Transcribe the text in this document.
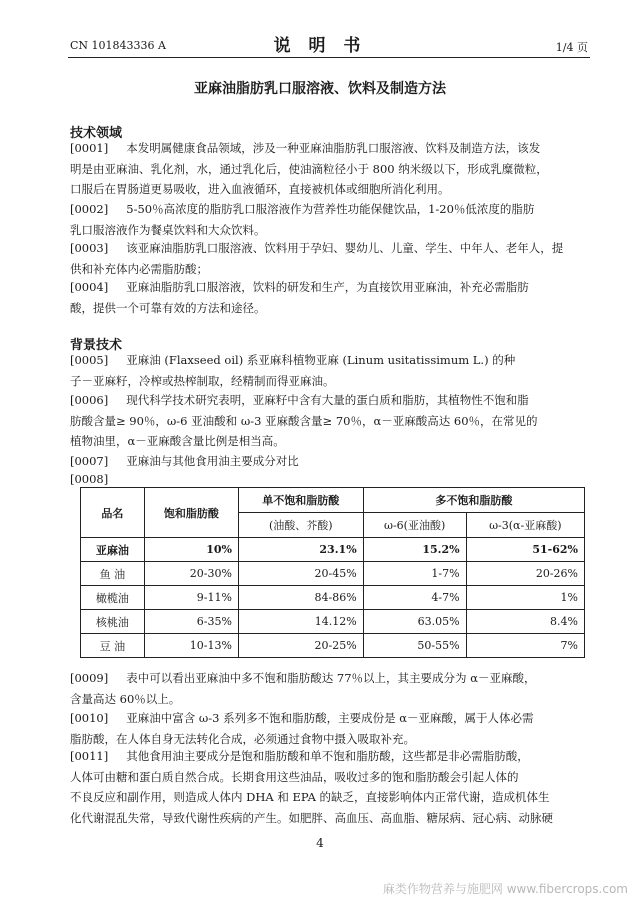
CN 101843336 A	说 明 书	1/4 页
亚麻油脂肪乳口服溶液、饮料及制造方法
技术领域
[0001] 本发明属健康食品领域，涉及一种亚麻油脂肪乳口服溶液、饮料及制造方法，该发
明是由亚麻油、乳化剂，水，通过乳化后，使油滴粒径小于 800 纳米级以下，形成乳糜微粒，
口服后在胃肠道更易吸收，进入血液循环，直接被机体或细胞所消化利用。
[0002] 5-50％高浓度的脂肪乳口服溶液作为营养性功能保健饮品，1-20％低浓度的脂肪
乳口服溶液作为餐桌饮料和大众饮料。
[0003] 该亚麻油脂肪乳口服溶液、饮料用于孕妇、婴幼儿、儿童、学生、中年人、老年人，提
供和补充体内必需脂肪酸；
[0004] 亚麻油脂肪乳口服溶液，饮料的研发和生产，为直接饮用亚麻油，补充必需脂肪
酸，提供一个可靠有效的方法和途径。
背景技术
[0005] 亚麻油 (Flaxseed oil) 系亚麻科植物亚麻 (Linum usitatissimum L.) 的种
子－亚麻籽，冷榨或热榨制取，经精制而得亚麻油。
[0006] 现代科学技术研究表明，亚麻籽中含有大量的蛋白质和脂肪，其植物性不饱和脂
肪酸含量≥ 90％，ω-6 亚油酸和 ω-3 亚麻酸含量≥ 70％，α－亚麻酸高达 60％，在常见的
植物油里，α－亚麻酸含量比例是相当高。
[0007] 亚麻油与其他食用油主要成分对比
[0008]
品名	饱和脂肪酸	单不饱和脂肪酸	多不饱和脂肪酸	
		(油酸、芥酸)	ω-6(亚油酸)	ω-3(α-亚麻酸)
亚麻油	10%	23.1%	15.2%	51-62%
鱼 油	20-30%	20-45%	1-7%	20-26%
橄榄油	9-11%	84-86%	4-7%	1%
核桃油	6-35%	14.12%	63.05%	8.4%
豆 油	10-13%	20-25%	50-55%	7%
[0009] 表中可以看出亚麻油中多不饱和脂肪酸达 77％以上，其主要成分为 α－亚麻酸，
含量高达 60％以上。
[0010] 亚麻油中富含 ω-3 系列多不饱和脂肪酸，主要成份是 α－亚麻酸，属于人体必需
脂肪酸，在人体自身无法转化合成，必须通过食物中摄入吸取补充。
[0011] 其他食用油主要成分是饱和脂肪酸和单不饱和脂肪酸，这些都是非必需脂肪酸，
人体可由糖和蛋白质自然合成。长期食用这些油品，吸收过多的饱和脂肪酸会引起人体的
不良反应和副作用，则造成人体内 DHA 和 EPA 的缺乏，直接影响体内正常代谢，造成机体生
化代谢混乱失常，导致代谢性疾病的产生。如肥胖、高血压、高血脂、糖尿病、冠心病、动脉硬
4
麻类作物营养与施肥网 www.fibercrops.com
